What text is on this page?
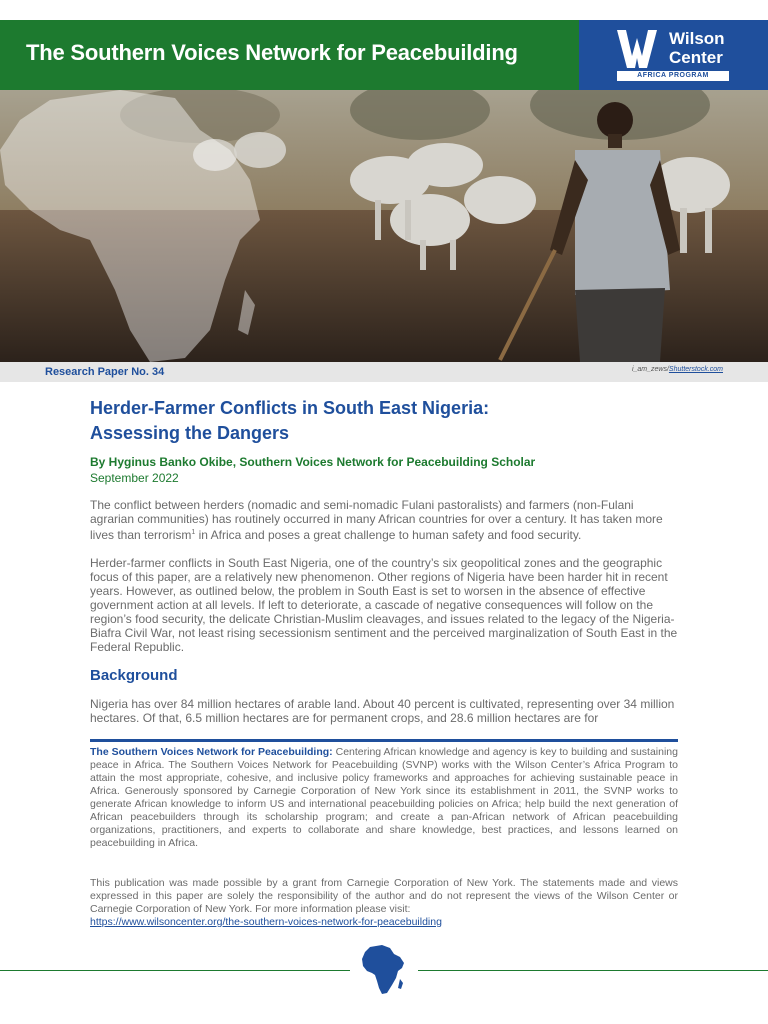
The Southern Voices Network for Peacebuilding
Wilson
Center
AFRICA PROGRAM
Research Paper No. 34	i_am_zews/Shutterstock.com
Herder-Farmer Conflicts in South East Nigeria:
Assessing the Dangers
By Hyginus Banko Okibe, Southern Voices Network for Peacebuilding Scholar
September 2022

The conflict between herders (nomadic and semi-nomadic Fulani pastoralists) and farmers (non-Fulani agrarian communities) has routinely occurred in many African countries for over a century. It has taken more lives than terrorism$^1$ in Africa and poses a great challenge to human safety and food security.

Herder-farmer conflicts in South East Nigeria, one of the country’s six geopolitical zones and the geographic focus of this paper, are a relatively new phenomenon. Other regions of Nigeria have been harder hit in recent years. However, as outlined below, the problem in South East is set to worsen in the absence of effective government action at all levels. If left to deteriorate, a cascade of negative consequences will follow on the region’s food security, the delicate Christian-Muslim cleavages, and issues related to the legacy of the Nigeria-Biafra Civil War, not least rising secessionism sentiment and the perceived marginalization of South East in the Federal Republic.

Background

Nigeria has over 84 million hectares of arable land. About 40 percent is cultivated, representing over 34 million hectares. Of that, 6.5 million hectares are for permanent crops, and 28.6 million hectares are for

The Southern Voices Network for Peacebuilding: Centering African knowledge and agency is key to building and sustaining peace in Africa. The Southern Voices Network for Peacebuilding (SVNP) works with the Wilson Center’s Africa Program to attain the most appropriate, cohesive, and inclusive policy frameworks and approaches for achieving sustainable peace in Africa. Generously sponsored by Carnegie Corporation of New York since its establishment in 2011, the SVNP works to generate African knowledge to inform US and international peacebuilding policies on Africa; help build the next generation of African peacebuilders through its scholarship program; and create a pan-African network of African peacebuilding organizations, practitioners, and experts to collaborate and share knowledge, best practices, and lessons learned on peacebuilding in Africa.

This publication was made possible by a grant from Carnegie Corporation of New York. The statements made and views expressed in this paper are solely the responsibility of the author and do not represent the views of the Wilson Center or Carnegie Corporation of New York. For more information please visit:
https://www.wilsoncenter.org/the-southern-voices-network-for-peacebuilding
